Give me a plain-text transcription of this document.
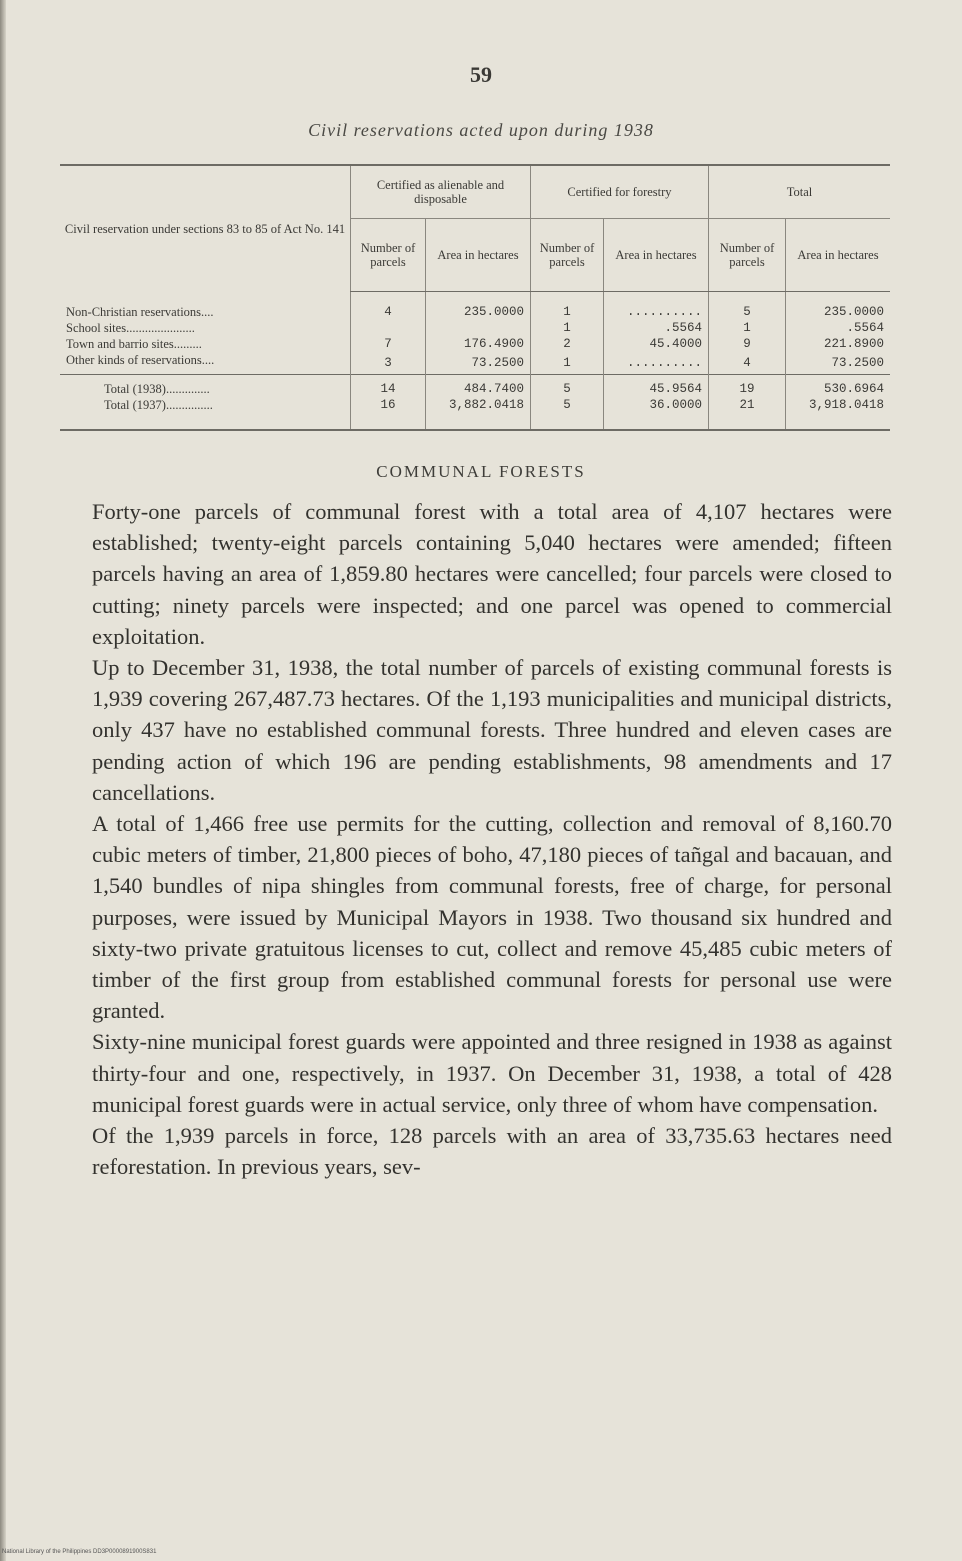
59
Civil reservations acted upon during 1938
Civil reservation under sections 83 to 85 of Act No. 141	Certified as alienable and disposable		Certified for forestry		Total	
	Number of parcels	Area in hectares	Number of parcels	Area in hectares	Number of parcels	Area in hectares
Non-Christian reservations....	4	235.0000	1	..........	5	235.0000
School sites......................			1	.5564	1	.5564
Town and barrio sites.........	7	176.4900	2	45.4000	9	221.8900
Other kinds of reservations....	3	73.2500	1	..........	4	73.2500
Total (1938)..............	14	484.7400	5	45.9564	19	530.6964
Total (1937)...............	16	3,882.0418	5	36.0000	21	3,918.0418
COMMUNAL FORESTS

Forty-one parcels of communal forest with a total area of 4,107 hectares were established; twenty-eight parcels containing 5,040 hectares were amended; fifteen parcels having an area of 1,859.80 hectares were cancelled; four parcels were closed to cutting; ninety parcels were inspected; and one parcel was opened to commercial exploitation.

Up to December 31, 1938, the total number of parcels of existing communal forests is 1,939 covering 267,487.73 hectares. Of the 1,193 municipalities and municipal districts, only 437 have no established communal forests. Three hundred and eleven cases are pending action of which 196 are pending establishments, 98 amendments and 17 cancellations.

A total of 1,466 free use permits for the cutting, collection and removal of 8,160.70 cubic meters of timber, 21,800 pieces of boho, 47,180 pieces of tañgal and bacauan, and 1,540 bundles of nipa shingles from communal forests, free of charge, for personal purposes, were issued by Municipal Mayors in 1938. Two thousand six hundred and sixty-two private gratuitous licenses to cut, collect and remove 45,485 cubic meters of timber of the first group from established communal forests for personal use were granted.

Sixty-nine municipal forest guards were appointed and three resigned in 1938 as against thirty-four and one, respectively, in 1937. On December 31, 1938, a total of 428 municipal forest guards were in actual service, only three of whom have compensation.

Of the 1,939 parcels in force, 128 parcels with an area of 33,735.63 hectares need reforestation. In previous years, sev-

National Library of the Philippines DD3P0000891900S831
